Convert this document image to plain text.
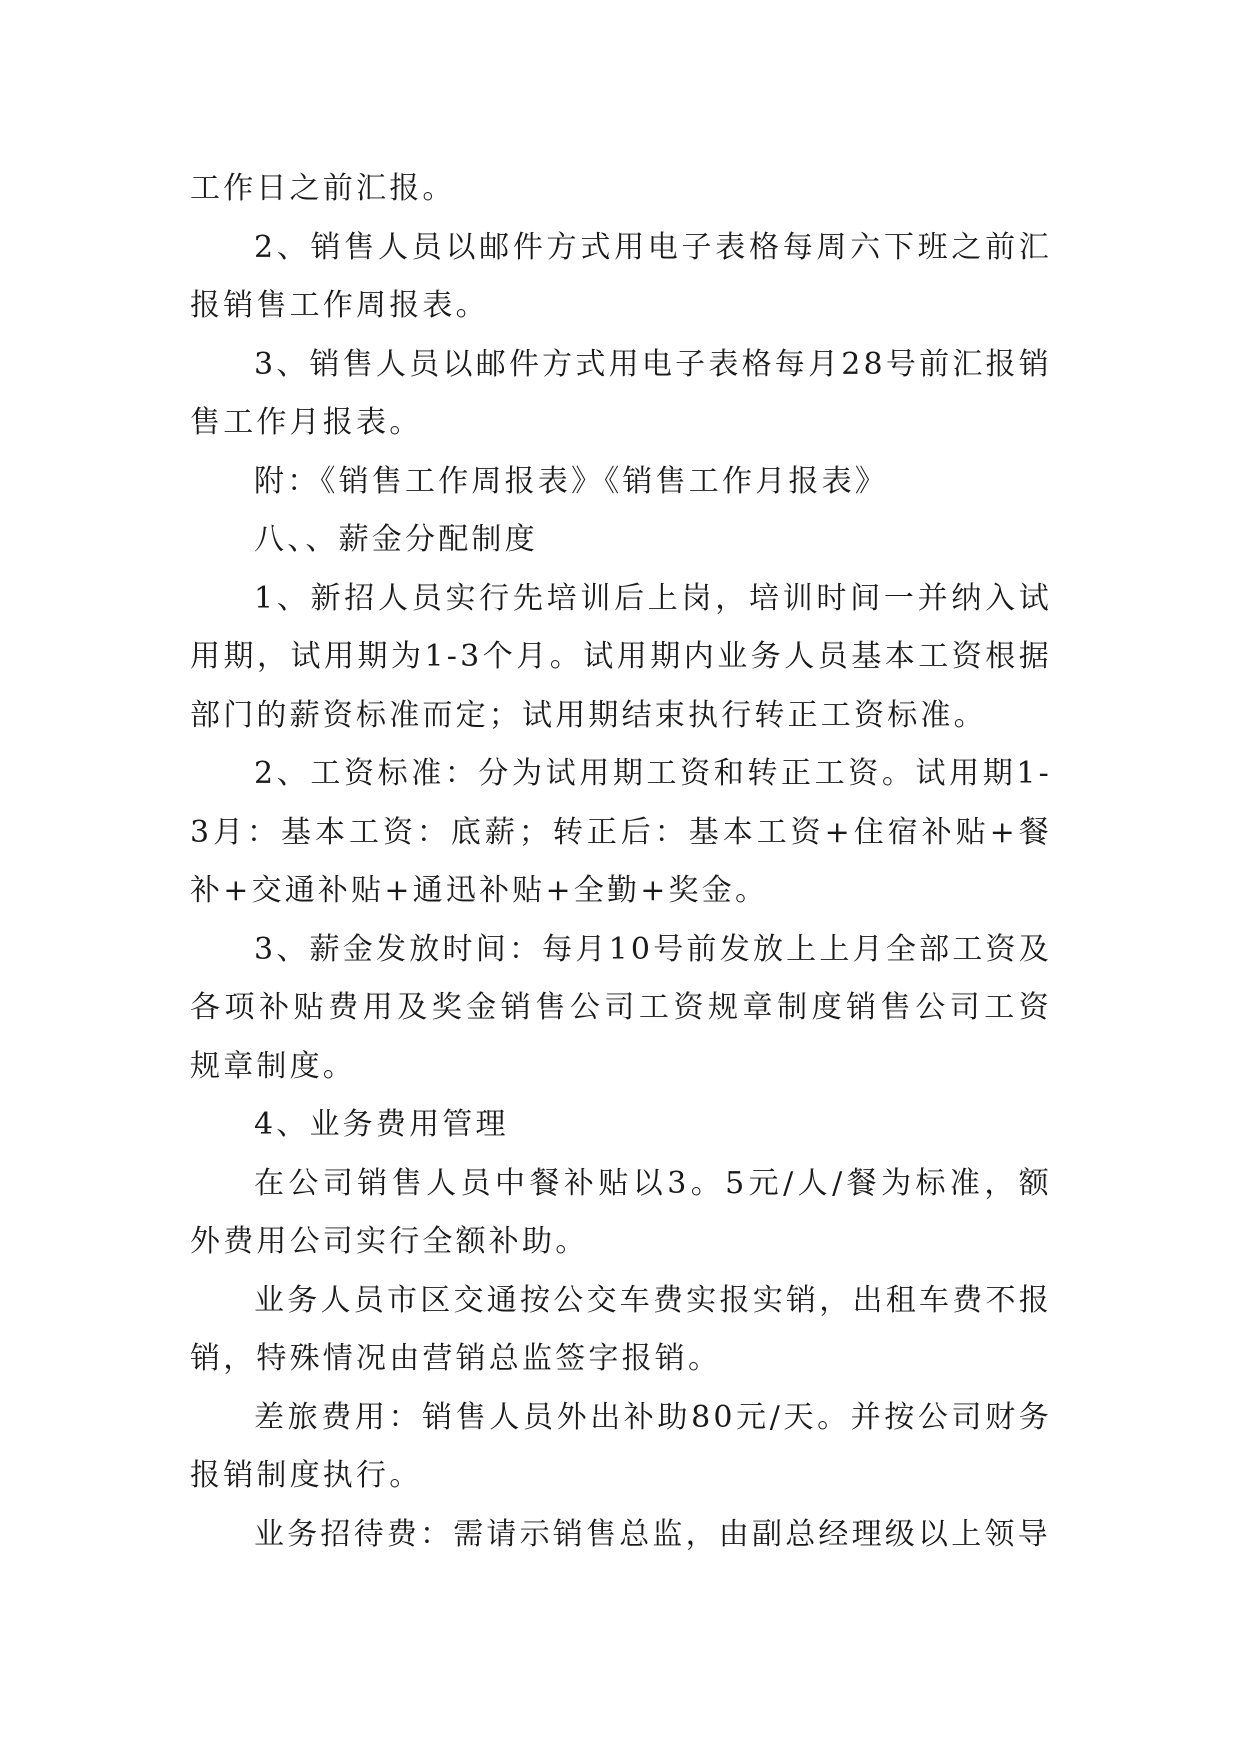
工作日之前汇报。

2、销售人员以邮件方式用电子表格每周六下班之前汇报销售工作周报表。

3、销售人员以邮件方式用电子表格每月28号前汇报销售工作月报表。

附：《销售工作周报表》《销售工作月报表》

八、、薪金分配制度

1、新招人员实行先培训后上岗，培训时间一并纳入试用期，试用期为1-3个月。试用期内业务人员基本工资根据部门的薪资标准而定；试用期结束执行转正工资标准。

2、工资标准：分为试用期工资和转正工资。试用期1-3月：基本工资：底薪；转正后：基本工资+住宿补贴+餐补+交通补贴+通迅补贴+全勤+奖金。

3、薪金发放时间：每月10号前发放上上月全部工资及各项补贴费用及奖金销售公司工资规章制度销售公司工资规章制度。

4、业务费用管理

在公司销售人员中餐补贴以3。5元/人/餐为标准，额外费用公司实行全额补助。

业务人员市区交通按公交车费实报实销，出租车费不报销，特殊情况由营销总监签字报销。

差旅费用：销售人员外出补助80元/天。并按公司财务报销制度执行。

业务招待费：需请示销售总监，由副总经理级以上领导
